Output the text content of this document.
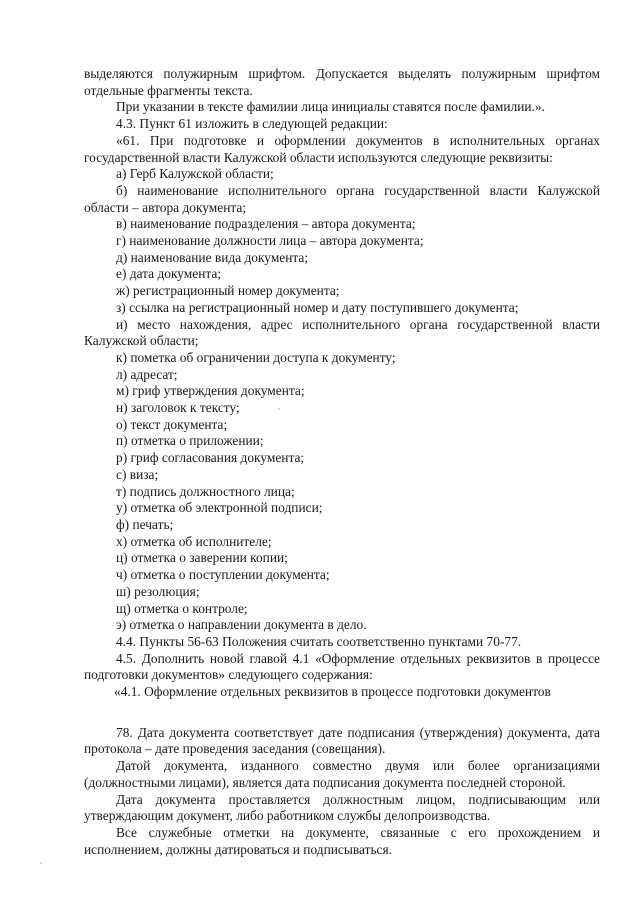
выделяются полужирным шрифтом. Допускается выделять полужирным шрифтом отдельные фрагменты текста.

При указании в тексте фамилии лица инициалы ставятся после фамилии.».

4.3. Пункт 61 изложить в следующей редакции:

«61. При подготовке и оформлении документов в исполнительных органах государственной власти Калужской области используются следующие реквизиты:

а) Герб Калужской области;

б) наименование исполнительного органа государственной власти Калужской области – автора документа;

в) наименование подразделения – автора документа;

г) наименование должности лица – автора документа;

д) наименование вида документа;

е) дата документа;

ж) регистрационный номер документа;

з) ссылка на регистрационный номер и дату поступившего документа;

и) место нахождения, адрес исполнительного органа государственной власти Калужской области;

к) пометка об ограничении доступа к документу;

л) адресат;

м) гриф утверждения документа;

н) заголовок к тексту;

о) текст документа;

п) отметка о приложении;

р) гриф согласования документа;

с) виза;

т) подпись должностного лица;

у) отметка об электронной подписи;

ф) печать;

х) отметка об исполнителе;

ц) отметка о заверении копии;

ч) отметка о поступлении документа;

ш) резолюция;

щ) отметка о контроле;

э) отметка о направлении документа в дело.

4.4. Пункты 56-63 Положения считать соответственно пунктами 70-77.

4.5. Дополнить новой главой 4.1 «Оформление отдельных реквизитов в процессе подготовки документов» следующего содержания:

«4.1. Оформление отдельных реквизитов в процессе подготовки документов

78. Дата документа соответствует дате подписания (утверждения) документа, дата протокола – дате проведения заседания (совещания).

Датой документа, изданного совместно двумя или более организациями (должностными лицами), является дата подписания документа последней стороной.

Дата документа проставляется должностным лицом, подписывающим или утверждающим документ, либо работником службы делопроизводства.

Все служебные отметки на документе, связанные с его прохождением и исполнением, должны датироваться и подписываться.
